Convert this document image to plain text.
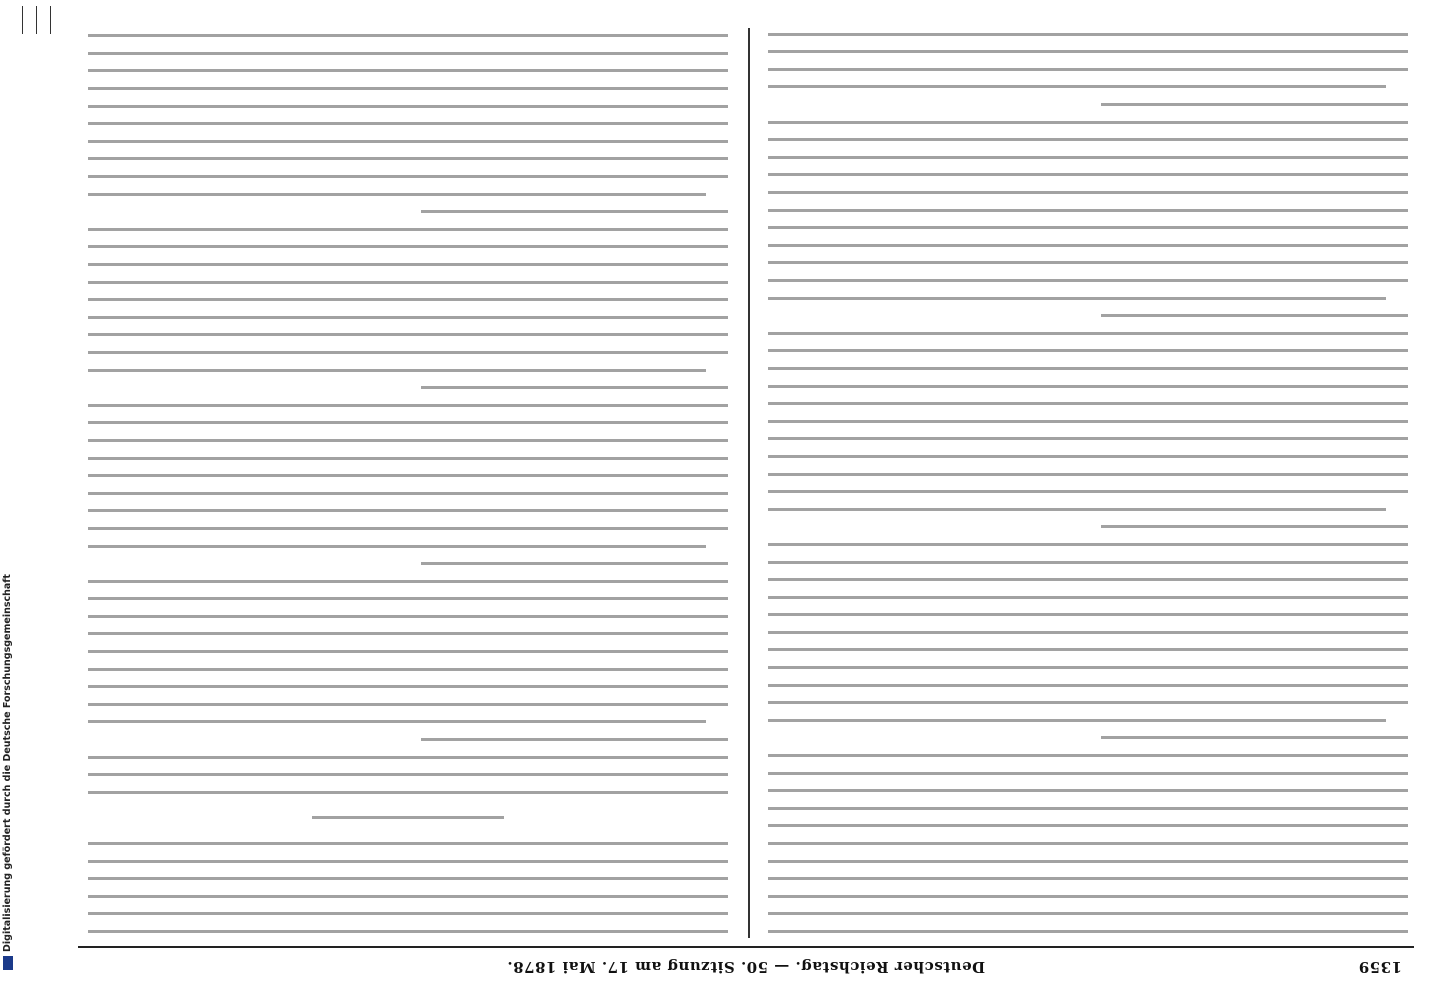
Digitalisierung gefördert durch die Deutsche Forschungsgemeinschaft
1359
Deutscher Reichstag. — 50. Sitzung am 17. Mai 1878.
